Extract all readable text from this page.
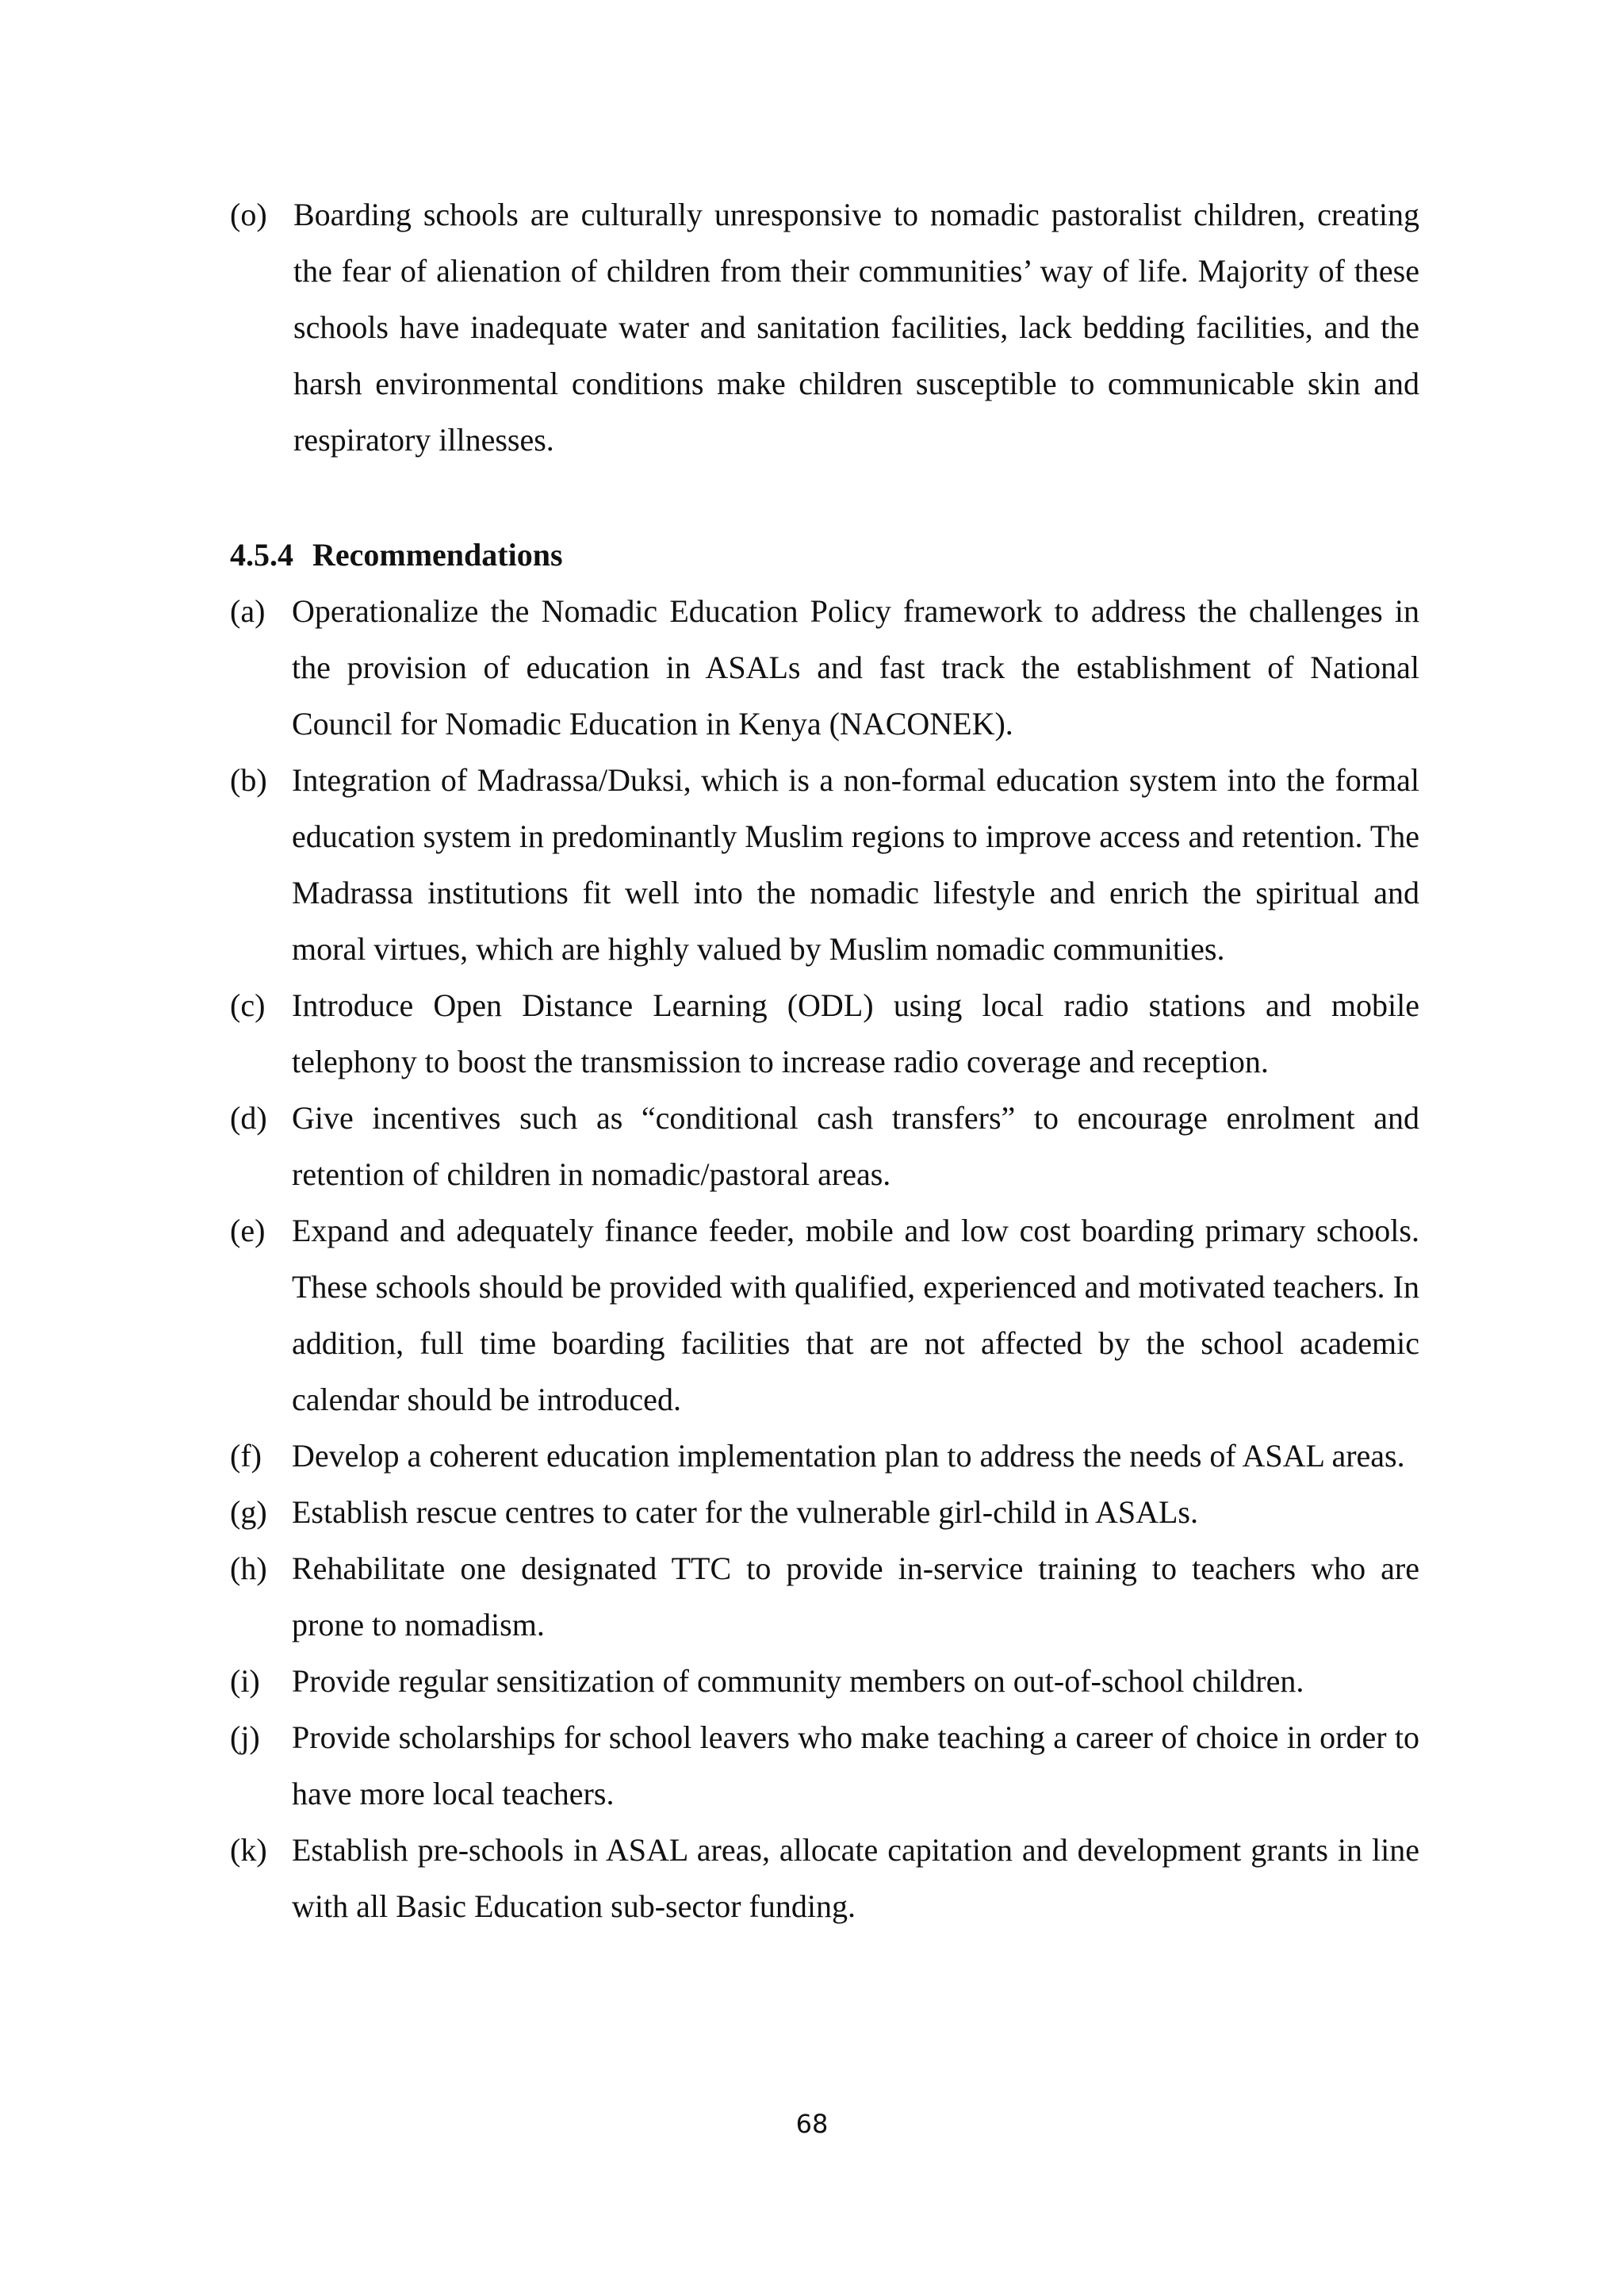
(o) Boarding schools are culturally unresponsive to nomadic pastoralist children, creating the fear of alienation of children from their communities’ way of life. Majority of these schools have inadequate water and sanitation facilities, lack bedding facilities, and the harsh environmental conditions make children susceptible to communicable skin and respiratory illnesses.
4.5.4 Recommendations
(a) Operationalize the Nomadic Education Policy framework to address the challenges in the provision of education in ASALs and fast track the establishment of National Council for Nomadic Education in Kenya (NACONEK).
(b) Integration of Madrassa/Duksi, which is a non-formal education system into the formal education system in predominantly Muslim regions to improve access and retention. The Madrassa institutions fit well into the nomadic lifestyle and enrich the spiritual and moral virtues, which are highly valued by Muslim nomadic communities.
(c) Introduce Open Distance Learning (ODL) using local radio stations and mobile telephony to boost the transmission to increase radio coverage and reception.
(d) Give incentives such as “conditional cash transfers” to encourage enrolment and retention of children in nomadic/pastoral areas.
(e) Expand and adequately finance feeder, mobile and low cost boarding primary schools. These schools should be provided with qualified, experienced and motivated teachers. In addition, full time boarding facilities that are not affected by the school academic calendar should be introduced.
(f) Develop a coherent education implementation plan to address the needs of ASAL areas.
(g) Establish rescue centres to cater for the vulnerable girl-child in ASALs.
(h) Rehabilitate one designated TTC to provide in-service training to teachers who are prone to nomadism.
(i)	Provide regular sensitization of community members on out-of-school children.
(j)	Provide scholarships for school leavers who make teaching a career of choice in order to have more local teachers.
(k) Establish pre-schools in ASAL areas, allocate capitation and development grants in line with all Basic Education sub-sector funding.
68
